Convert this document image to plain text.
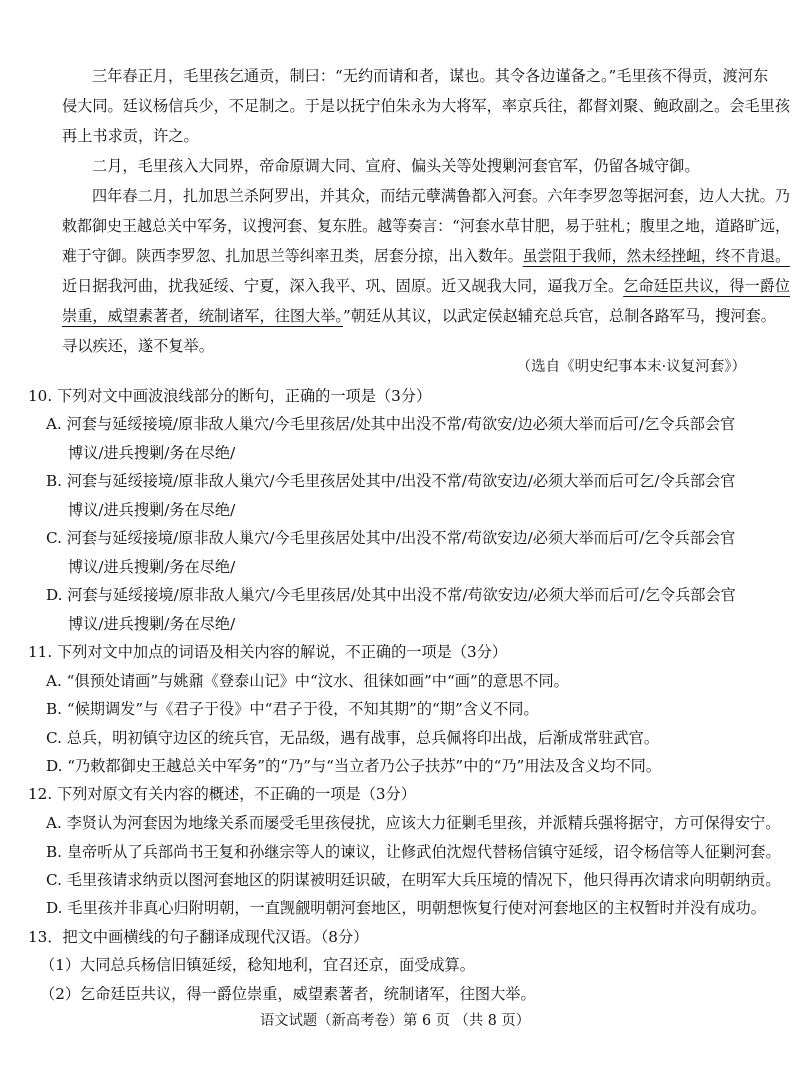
三年春正月，毛里孩乞通贡，制曰：“无约而请和者，谋也。其令各边谨备之。”毛里孩不得贡，渡河东
侵大同。廷议杨信兵少，不足制之。于是以抚宁伯朱永为大将军，率京兵往，都督刘聚、鲍政副之。会毛里孩
再上书求贡，许之。
二月，毛里孩入大同界，帝命原调大同、宣府、偏头关等处搜剿河套官军，仍留各城守御。
四年春二月，扎加思兰杀阿罗出，并其众，而结元孽满鲁都入河套。六年李罗忽等据河套，边人大扰。乃
敕都御史王越总关中军务，议搜河套、复东胜。越等奏言：“河套水草甘肥，易于驻札；腹里之地，道路旷远，
难于守御。陕西李罗忽、扎加思兰等纠率丑类，居套分掠，出入数年。虽尝阻于我师，然未经挫衄，终不肯退。
近日据我河曲，扰我延绥、宁夏，深入我平、巩、固原。近又觇我大同，逼我万全。乞命廷臣共议，得一爵位
崇重，威望素著者，统制诸军，往图大举。”朝廷从其议，以武定侯赵辅充总兵官，总制各路军马，搜河套。
寻以疾还，遂不复举。
（选自《明史纪事本末·议复河套》）
10. 下列对文中画波浪线部分的断句，正确的一项是（3分）
A. 河套与延绥接境/原非敌人巢穴/今毛里孩居/处其中出没不常/苟欲安/边必须大举而后可/乞令兵部会官
博议/进兵搜剿/务在尽绝/
B. 河套与延绥接境/原非敌人巢穴/今毛里孩居处其中/出没不常/苟欲安边/必须大举而后可乞/令兵部会官
博议/进兵搜剿/务在尽绝/
C. 河套与延绥接境/原非敌人巢穴/今毛里孩居处其中/出没不常/苟欲安边/必须大举而后可/乞令兵部会官
博议/进兵搜剿/务在尽绝/
D. 河套与延绥接境/原非敌人巢穴/今毛里孩居/处其中出没不常/苟欲安边/必须大举而后可/乞令兵部会官
博议/进兵搜剿/务在尽绝/
11. 下列对文中加点的词语及相关内容的解说，不正确的一项是（3分）
A. “俱预处请画”与姚鼐《登泰山记》中“汶水、徂徕如画”中“画”的意思不同。
B. “候期调发”与《君子于役》中“君子于役，不知其期”的“期”含义不同。
C. 总兵，明初镇守边区的统兵官，无品级，遇有战事，总兵佩将印出战，后渐成常驻武官。
D. “乃敕都御史王越总关中军务”的“乃”与“当立者乃公子扶苏”中的“乃”用法及含义均不同。
12. 下列对原文有关内容的概述，不正确的一项是（3分）
A. 李贤认为河套因为地缘关系而屡受毛里孩侵扰，应该大力征剿毛里孩，并派精兵强将据守，方可保得安宁。
B. 皇帝听从了兵部尚书王复和孙继宗等人的谏议，让修武伯沈煜代替杨信镇守延绥，诏令杨信等人征剿河套。
C. 毛里孩请求纳贡以图河套地区的阴谋被明廷识破，在明军大兵压境的情况下，他只得再次请求向明朝纳贡。
D. 毛里孩并非真心归附明朝，一直觊觎明朝河套地区，明朝想恢复行使对河套地区的主权暂时并没有成功。
13．把文中画横线的句子翻译成现代汉语。（8分）
（1）大同总兵杨信旧镇延绥，稔知地利，宜召还京，面受成算。
（2）乞命廷臣共议，得一爵位崇重，威望素著者，统制诸军，往图大举。
语文试题（新高考卷）第 6 页 （共 8 页）
